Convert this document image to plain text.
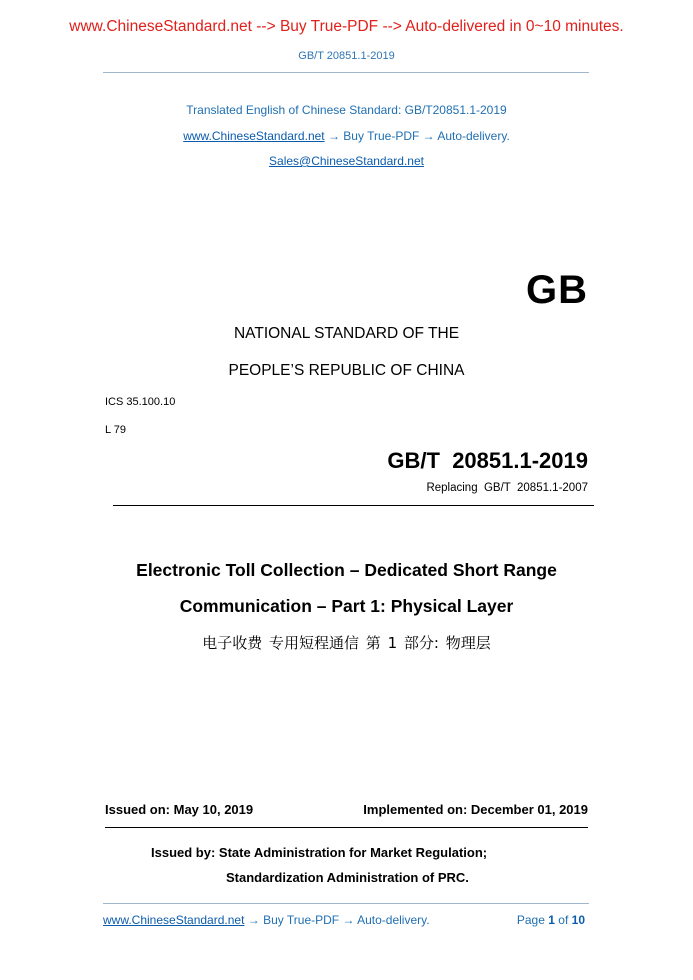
www.ChineseStandard.net --> Buy True-PDF --> Auto-delivered in 0~10 minutes.
GB/T 20851.1-2019
Translated English of Chinese Standard: GB/T20851.1-2019
www.ChineseStandard.net → Buy True-PDF → Auto-delivery.
Sales@ChineseStandard.net
GB
NATIONAL STANDARD OF THE
PEOPLE’S REPUBLIC OF CHINA
ICS 35.100.10
L 79
GB/T  20851.1-2019
Replacing  GB/T  20851.1-2007
Electronic Toll Collection – Dedicated Short Range
Communication – Part 1: Physical Layer
电子收费 专用短程通信 第 1 部分: 物理层
Issued on: May 10, 2019	Implemented on: December 01, 2019
Issued by: State Administration for Market Regulation;
Standardization Administration of PRC.
www.ChineseStandard.net → Buy True-PDF → Auto-delivery.	Page 1 of 10
